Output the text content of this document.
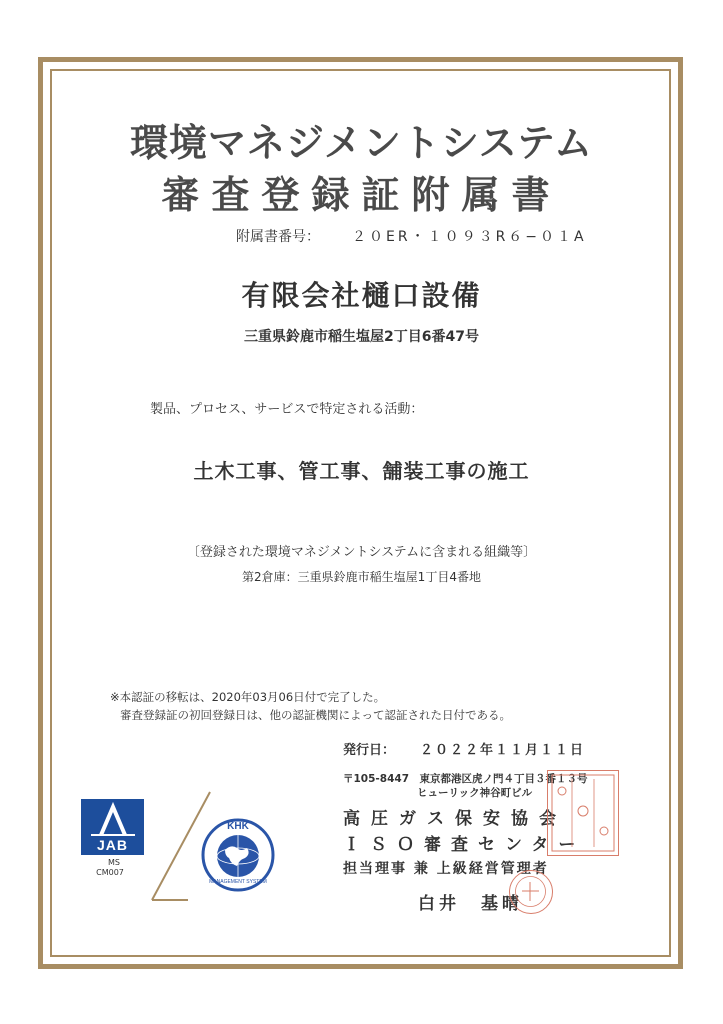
環境マネジメントシステム
審査登録証附属書
附属書番号： ２０ER・１０９３R６−０１A
有限会社樋口設備
三重県鈴鹿市稲生塩屋2丁目6番47号
製品、プロセス、サービスで特定される活動：
土木工事、管工事、舗装工事の施工
〔登録された環境マネジメントシステムに含まれる組織等〕
第2倉庫：三重県鈴鹿市稲生塩屋1丁目4番地
※本認証の移転は、2020年03月06日付で完了した。
審査登録証の初回登録日は、他の認証機関によって認証された日付である。
発行日： ２０２２年１１月１１日
〒105-8447　東京都港区虎ノ門４丁目３番１３号
ヒューリック神谷町ビル
高圧ガス保安協会
ＩＳＯ審査センター
担当理事 兼 上級経営管理者
白井　基晴
JAB
MS
CM007
KHK
MANAGEMENT SYSTEM
